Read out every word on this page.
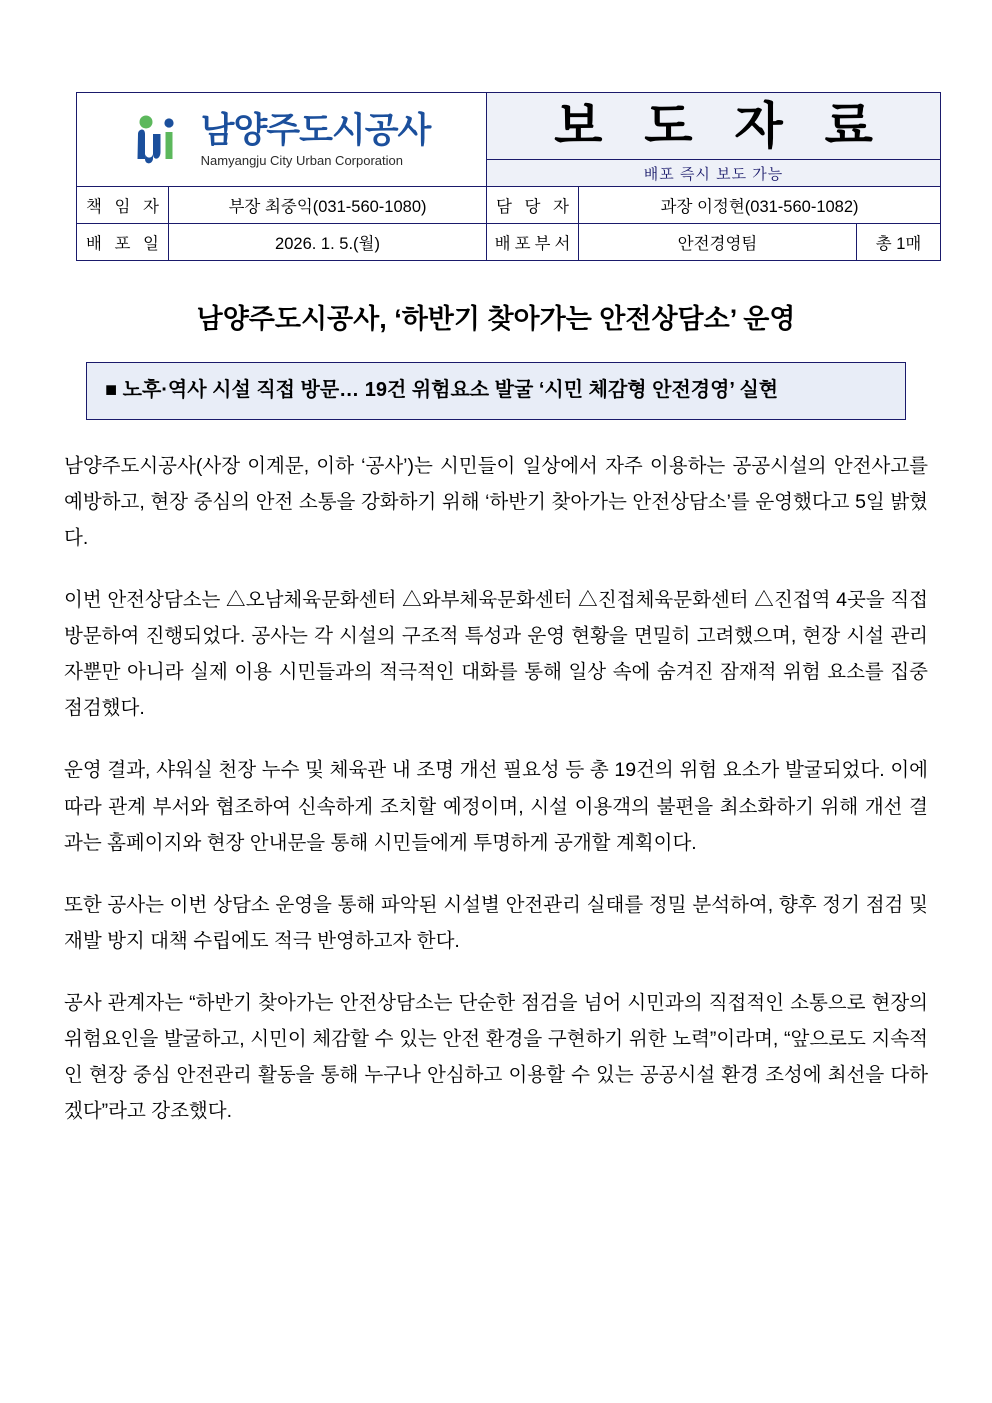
남양주도시공사
Namyangju City Urban Corporation		보 도 자 료		

		배포 즉시 보도 가능		

책 임 자	부장 최중익(031-560-1080)	담 당 자	과장 이정현(031-560-1082)	
배 포 일	2026. 1. 5.(월)	배포부서	안전경영팀	총 1매
남양주도시공사, ‘하반기 찾아가는 안전상담소’ 운영
■ 노후·역사 시설 직접 방문… 19건 위험요소 발굴 ‘시민 체감형 안전경영’ 실현

남양주도시공사(사장 이계문, 이하 ‘공사’)는 시민들이 일상에서 자주 이용하는 공공시설의 안전사고를 예방하고, 현장 중심의 안전 소통을 강화하기 위해 ‘하반기 찾아가는 안전상담소’를 운영했다고 5일 밝혔다.

이번 안전상담소는 △오남체육문화센터 △와부체육문화센터 △진접체육문화센터 △진접역 4곳을 직접 방문하여 진행되었다. 공사는 각 시설의 구조적 특성과 운영 현황을 면밀히 고려했으며, 현장 시설 관리자뿐만 아니라 실제 이용 시민들과의 적극적인 대화를 통해 일상 속에 숨겨진 잠재적 위험 요소를 집중 점검했다.

운영 결과, 샤워실 천장 누수 및 체육관 내 조명 개선 필요성 등 총 19건의 위험 요소가 발굴되었다. 이에 따라 관계 부서와 협조하여 신속하게 조치할 예정이며, 시설 이용객의 불편을 최소화하기 위해 개선 결과는 홈페이지와 현장 안내문을 통해 시민들에게 투명하게 공개할 계획이다.

또한 공사는 이번 상담소 운영을 통해 파악된 시설별 안전관리 실태를 정밀 분석하여, 향후 정기 점검 및 재발 방지 대책 수립에도 적극 반영하고자 한다.

공사 관계자는 “하반기 찾아가는 안전상담소는 단순한 점검을 넘어 시민과의 직접적인 소통으로 현장의 위험요인을 발굴하고, 시민이 체감할 수 있는 안전 환경을 구현하기 위한 노력”이라며, “앞으로도 지속적인 현장 중심 안전관리 활동을 통해 누구나 안심하고 이용할 수 있는 공공시설 환경 조성에 최선을 다하겠다”라고 강조했다.
